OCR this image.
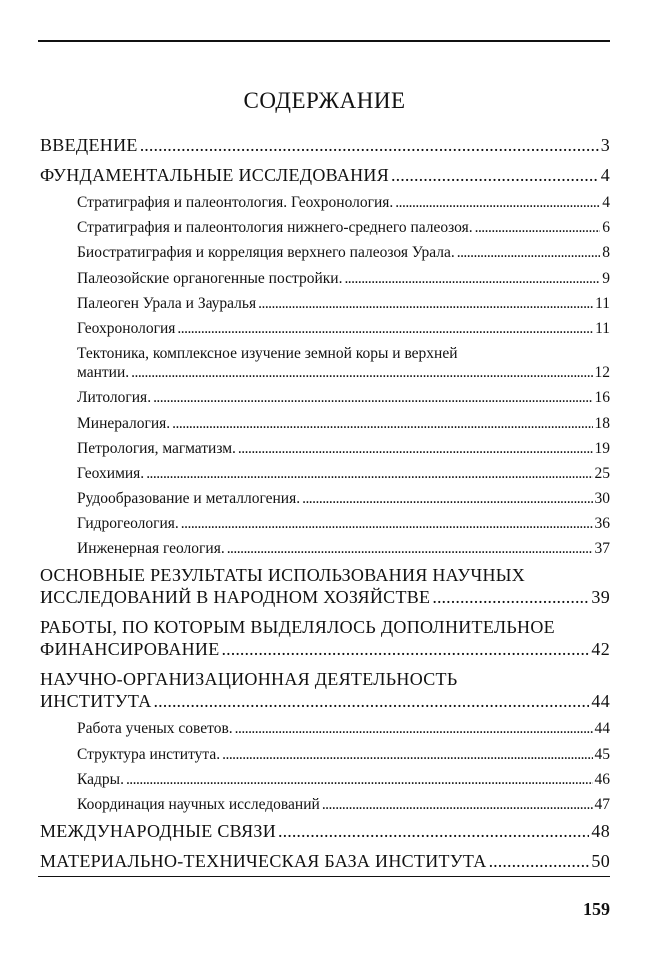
СОДЕРЖАНИЕ
ВВЕДЕНИЕ . . .	3
ФУНДАМЕНТАЛЬНЫЕ ИССЛЕДОВАНИЯ . . .	4
Стратиграфия и палеонтология. Геохронология. . . .	4
Стратиграфия и палеонтология нижнего-среднего палеозоя. . . .	6
Биостратиграфия и корреляция верхнего палеозоя Урала. . . .	8
Палеозойские органогенные постройки. . . .	9
Палеоген Урала и Зауралья . . .	11
Геохронология . . .	11
Тектоника, комплексное изучение земной коры и верхней
мантии. . . .	12
Литология. . . .	16
Минералогия. . . .	18
Петрология, магматизм. . . .	19
Геохимия. . . .	25
Рудообразование и металлогения. . . .	30
Гидрогеология. . . .	36
Инженерная геология. . . .	37
ОСНОВНЫЕ РЕЗУЛЬТАТЫ ИСПОЛЬЗОВАНИЯ НАУЧНЫХ
ИССЛЕДОВАНИЙ В НАРОДНОМ ХОЗЯЙСТВЕ . . .	39
РАБОТЫ, ПО КОТОРЫМ ВЫДЕЛЯЛОСЬ ДОПОЛНИТЕЛЬНОЕ
ФИНАНСИРОВАНИЕ . . .	42
НАУЧНО-ОРГАНИЗАЦИОННАЯ ДЕЯТЕЛЬНОСТЬ
ИНСТИТУТА . . .	44
Работа ученых советов. . . .	44
Структура института. . . .	45
Кадры. . . .	46
Координация научных исследований . . .	47
МЕЖДУНАРОДНЫЕ СВЯЗИ . . .	48
МАТЕРИАЛЬНО-ТЕХНИЧЕСКАЯ БАЗА ИНСТИТУТА . . .	50
159
